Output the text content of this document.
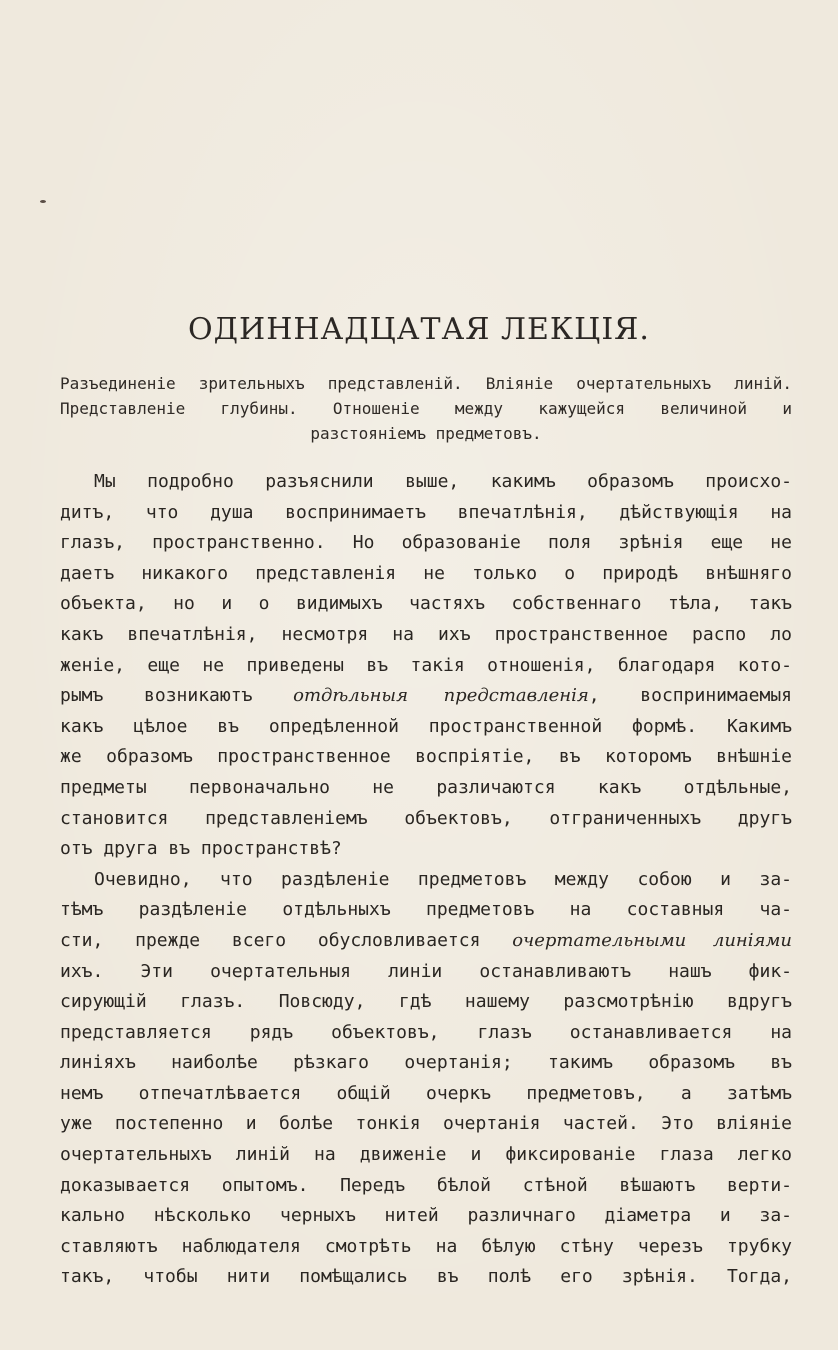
ОДИННАДЦАТАЯ ЛЕКЦIЯ.
Разъединенiе зрительныхъ представленiй. Влiянiе очертательныхъ линiй.
Представленiе глубины. Отношенiе между кажущейся величиной и
разстоянiемъ предметовъ.
Мы подробно разъяснили выше, какимъ образомъ происхо-
дитъ, что душа воспринимаетъ впечатлѣнiя, дѣйствующiя на
глазъ, пространственно. Но образованiе поля зрѣнiя еще не
даетъ никакого представленiя не только о природѣ внѣшняго
объекта, но и о видимыхъ частяхъ собственнаго тѣла, такъ
какъ впечатлѣнiя, несмотря на ихъ пространственное распо ло
женiе, еще не приведены въ такiя отношенiя, благодаря кото-
рымъ возникаютъ отдѣльныя представленiя, воспринимаемыя
какъ цѣлое въ опредѣленной пространственной формѣ. Какимъ
же образомъ пространственное воспрiятiе, въ которомъ внѣшнiе
предметы первоначально не различаются какъ отдѣльные,
становится представленiемъ объектовъ, отграниченныхъ другъ
отъ друга въ пространствѣ?
Очевидно, что раздѣленiе предметовъ между собою и за-
тѣмъ раздѣленiе отдѣльныхъ предметовъ на составныя ча-
сти, прежде всего обусловливается очертательными линiями
ихъ. Эти очертательныя линiи останавливаютъ нашъ фик-
сирующiй глазъ. Повсюду, гдѣ нашему разсмотрѣнiю вдругъ
представляется рядъ объектовъ, глазъ останавливается на
линiяхъ наиболѣе рѣзкаго очертанiя; такимъ образомъ въ
немъ отпечатлѣвается общiй очеркъ предметовъ, а затѣмъ
уже постепенно и болѣе тонкiя очертанiя частей. Это влiянiе
очертательныхъ линiй на движенiе и фиксированiе глаза легко
доказывается опытомъ. Передъ бѣлой стѣной вѣшаютъ верти-
кально нѣсколько черныхъ нитей различнаго дiаметра и за-
ставляютъ наблюдателя смотрѣть на бѣлую стѣну черезъ трубку
такъ, чтобы нити помѣщались въ полѣ его зрѣнiя. Тогда,
